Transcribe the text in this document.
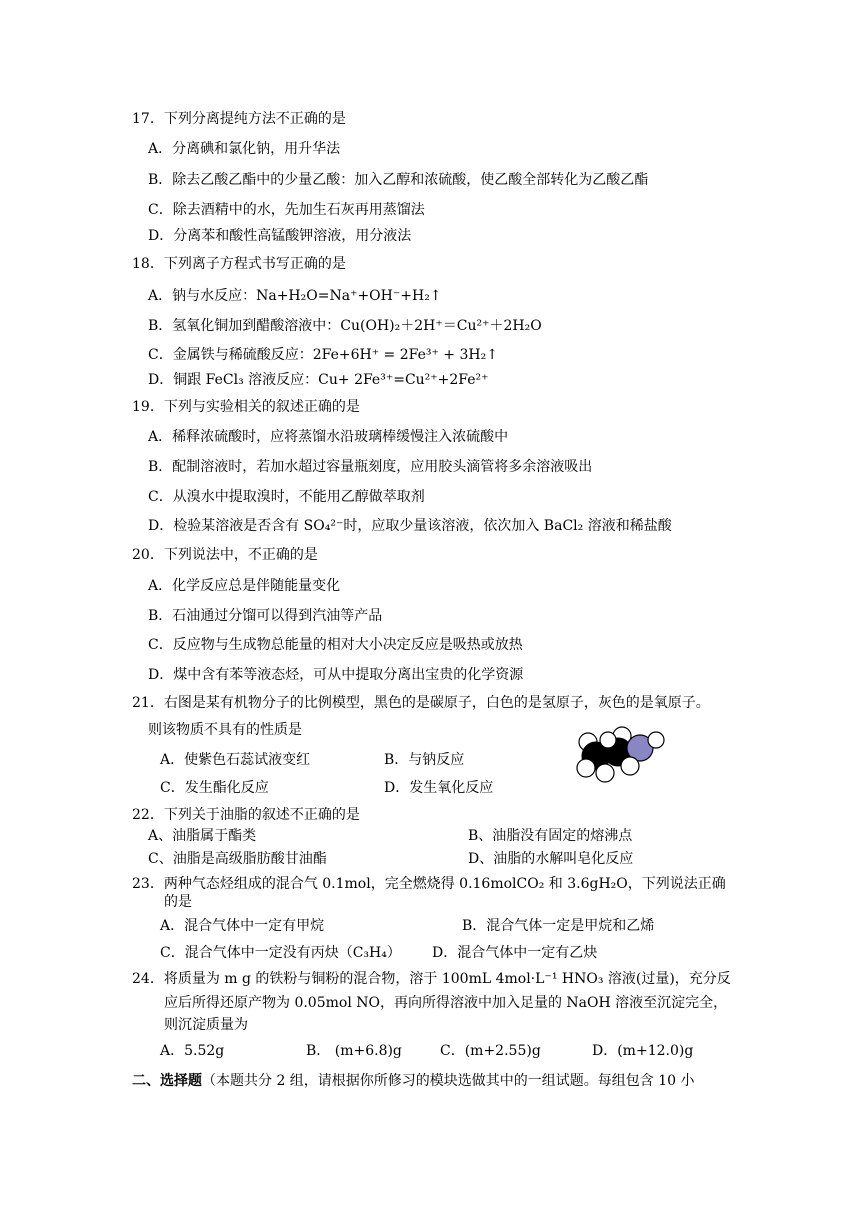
17．下列分离提纯方法不正确的是
A．分离碘和氯化钠，用升华法
B．除去乙酸乙酯中的少量乙酸：加入乙醇和浓硫酸，使乙酸全部转化为乙酸乙酯
C．除去酒精中的水，先加生石灰再用蒸馏法
D．分离苯和酸性高锰酸钾溶液，用分液法
18．下列离子方程式书写正确的是
A．钠与水反应：Na+H₂O=Na⁺+OH⁻+H₂↑
B．氢氧化铜加到醋酸溶液中：Cu(OH)₂＋2H⁺＝Cu²⁺＋2H₂O
C．金属铁与稀硫酸反应：2Fe+6H⁺ = 2Fe³⁺ + 3H₂↑
D．铜跟 FeCl₃ 溶液反应：Cu+ 2Fe³⁺=Cu²⁺+2Fe²⁺
19．下列与实验相关的叙述正确的是
A．稀释浓硫酸时，应将蒸馏水沿玻璃棒缓慢注入浓硫酸中
B．配制溶液时，若加水超过容量瓶刻度，应用胶头滴管将多余溶液吸出
C．从溴水中提取溴时，不能用乙醇做萃取剂
D．检验某溶液是否含有 SO₄²⁻时，应取少量该溶液，依次加入 BaCl₂ 溶液和稀盐酸
20．下列说法中，不正确的是
A．化学反应总是伴随能量变化
B．石油通过分馏可以得到汽油等产品
C．反应物与生成物总能量的相对大小决定反应是吸热或放热
D．煤中含有苯等液态烃，可从中提取分离出宝贵的化学资源
21．右图是某有机物分子的比例模型，黑色的是碳原子，白色的是氢原子，灰色的是氧原子。
则该物质不具有的性质是
A．使紫色石蕊试液变红	B．与钠反应
C．发生酯化反应	D．发生氧化反应
22．下列关于油脂的叙述不正确的是
A、油脂属于酯类	B、油脂没有固定的熔沸点
C、油脂是高级脂肪酸甘油酯	D、油脂的水解叫皂化反应
23．两种气态烃组成的混合气 0.1mol，完全燃烧得 0.16molCO₂ 和 3.6gH₂O，下列说法正确
的是
A．混合气体中一定有甲烷	B．混合气体一定是甲烷和乙烯
C．混合气体中一定没有丙炔（C₃H₄） D．混合气体中一定有乙炔
24．将质量为 m g 的铁粉与铜粉的混合物，溶于 100mL 4mol·L⁻¹ HNO₃ 溶液(过量)，充分反
应后所得还原产物为 0.05mol NO，再向所得溶液中加入足量的 NaOH 溶液至沉淀完全，
则沉淀质量为
A．5.52g	B． (m+6.8)g	C．(m+2.55)g	D．(m+12.0)g
二、选择题（本题共分 2 组，请根据你所修习的模块选做其中的一组试题。每组包含 10 小
